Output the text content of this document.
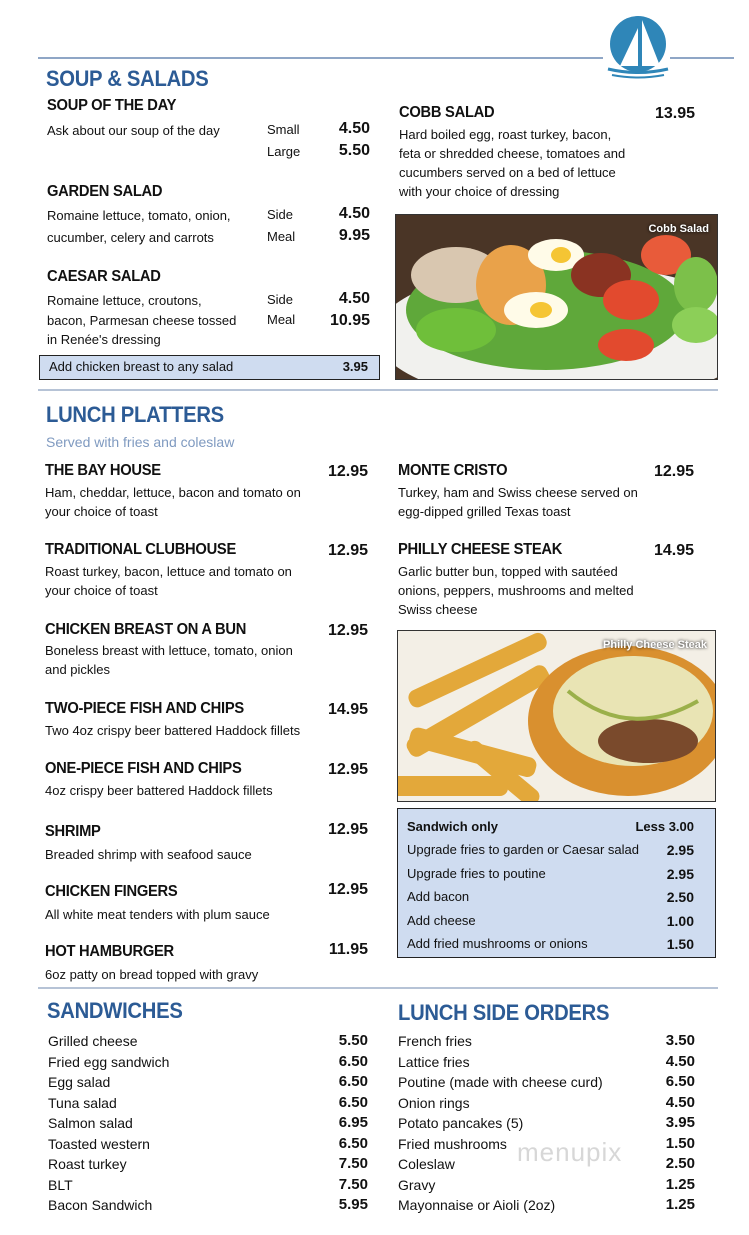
SOUP & SALADS
SOUP OF THE DAY
Ask about our soup of the day	Small	4.50
Large	5.50
GARDEN SALAD
Romaine lettuce, tomato, onion,
cucumber, celery and carrots
Side	4.50
Meal	9.95
CAESAR SALAD
Romaine lettuce, croutons,
bacon, Parmesan cheese tossed
in Renée's dressing
Side	4.50
Meal	10.95
Add chicken breast to any salad	3.95
COBB SALAD	13.95
Hard boiled egg, roast turkey, bacon,
feta or shredded cheese, tomatoes and
cucumbers served on a bed of lettuce
with your choice of dressing
Cobb Salad
LUNCH PLATTERS
Served with fries and coleslaw
THE BAY HOUSE	12.95
Ham, cheddar, lettuce, bacon and tomato on
your choice of toast
TRADITIONAL CLUBHOUSE	12.95
Roast turkey, bacon, lettuce and tomato on
your choice of toast
CHICKEN BREAST ON A BUN	12.95
Boneless breast with lettuce, tomato, onion
and pickles
TWO-PIECE FISH AND CHIPS	14.95
Two 4oz crispy beer battered Haddock fillets
ONE-PIECE FISH AND CHIPS	12.95
4oz crispy beer battered Haddock fillets
SHRIMP	12.95
Breaded shrimp with seafood sauce
CHICKEN FINGERS	12.95
All white meat tenders with plum sauce
HOT HAMBURGER	11.95
6oz patty on bread topped with gravy
MONTE CRISTO	12.95
Turkey, ham and Swiss cheese served on
egg-dipped grilled Texas toast
PHILLY CHEESE STEAK	14.95
Garlic butter bun, topped with sautéed
onions, peppers, mushrooms and melted
Swiss cheese
Philly Cheese Steak
Sandwich only	Less 3.00
Upgrade fries to garden or Caesar salad 2.95
Upgrade fries to poutine	2.95
Add bacon	2.50
Add cheese	1.00
Add fried mushrooms or onions	1.50
SANDWICHES
Grilled cheese	5.50
Fried egg sandwich	6.50
Egg salad	6.50
Tuna salad	6.50
Salmon salad	6.95
Toasted western	6.50
Roast turkey	7.50
BLT	7.50
Bacon Sandwich	5.95
LUNCH SIDE ORDERS
French fries	3.50
Lattice fries	4.50
Poutine (made with cheese curd)	6.50
Onion rings	4.50
Potato pancakes (5)	3.95
Fried mushrooms	1.50
Coleslaw	2.50
Gravy	1.25
Mayonnaise or Aioli (2oz)	1.25
menupix
